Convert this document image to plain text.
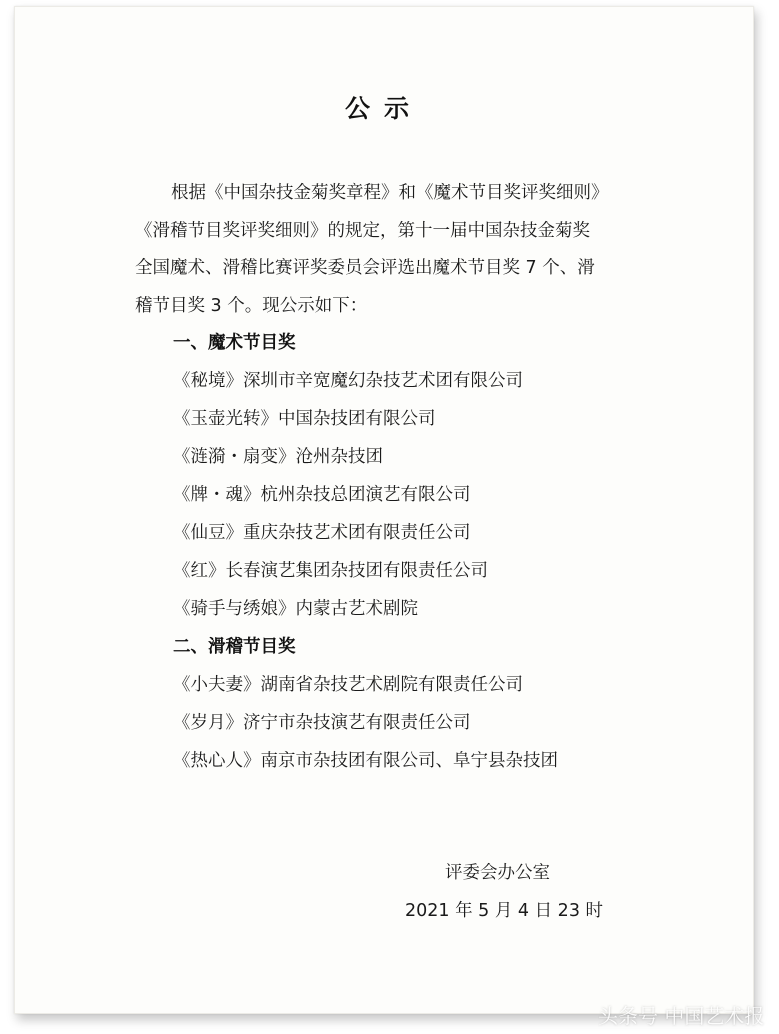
公示
根据《中国杂技金菊奖章程》和《魔术节目奖评奖细则》
《滑稽节目奖评奖细则》的规定，第十一届中国杂技金菊奖
全国魔术、滑稽比赛评奖委员会评选出魔术节目奖 7 个、滑
稽节目奖 3 个。现公示如下：
一、魔术节目奖
《秘境》深圳市辛宽魔幻杂技艺术团有限公司
《玉壶光转》中国杂技团有限公司
《涟漪・扇变》沧州杂技团
《牌・魂》杭州杂技总团演艺有限公司
《仙豆》重庆杂技艺术团有限责任公司
《红》长春演艺集团杂技团有限责任公司
《骑手与绣娘》内蒙古艺术剧院
二、滑稽节目奖
《小夫妻》湖南省杂技艺术剧院有限责任公司
《岁月》济宁市杂技演艺有限责任公司
《热心人》南京市杂技团有限公司、阜宁县杂技团
评委会办公室
2021 年 5 月 4 日 23 时
头条号 中国艺术报
